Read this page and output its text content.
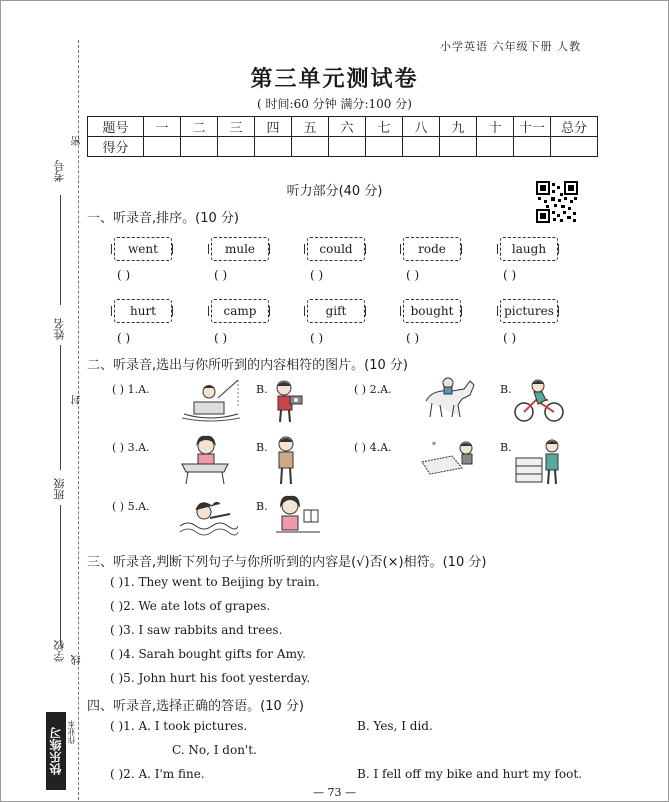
考号
姓名
班级
学校
密
封
线
快乐练习 作业本
小学英语 六年级下册 人教
第三单元测试卷
( 时间:60 分钟 满分:100 分)
题号	一	二	三	四	五	六	七	八	九	十	十一	总分
得分												
听力部分(40 分)
一、听录音,排序。(10 分)
went	mule	could	rode	laugh
( )	( )	( )	( )	( )
hurt	camp	gift	bought	pictures
( )	( )	( )	( )	( )
二、听录音,选出与你所听到的内容相符的图片。(10 分)
( ) 1.A.	B.	( ) 2.A.	B.
( ) 3.A.	B.	( ) 4.A.	*	B.
( ) 5.A.	B.
三、听录音,判断下列句子与你所听到的内容是(√)否(×)相符。(10 分)
( )1. They went to Beijing by train.
( )2. We ate lots of grapes.
( )3. I saw rabbits and trees.
( )4. Sarah bought gifts for Amy.
( )5. John hurt his foot yesterday.
四、听录音,选择正确的答语。(10 分)
( )1. A. I took pictures.	B. Yes, I did.
C. No, I don't.
( )2. A. I'm fine.	B. I fell off my bike and hurt my foot.
— 73 —
